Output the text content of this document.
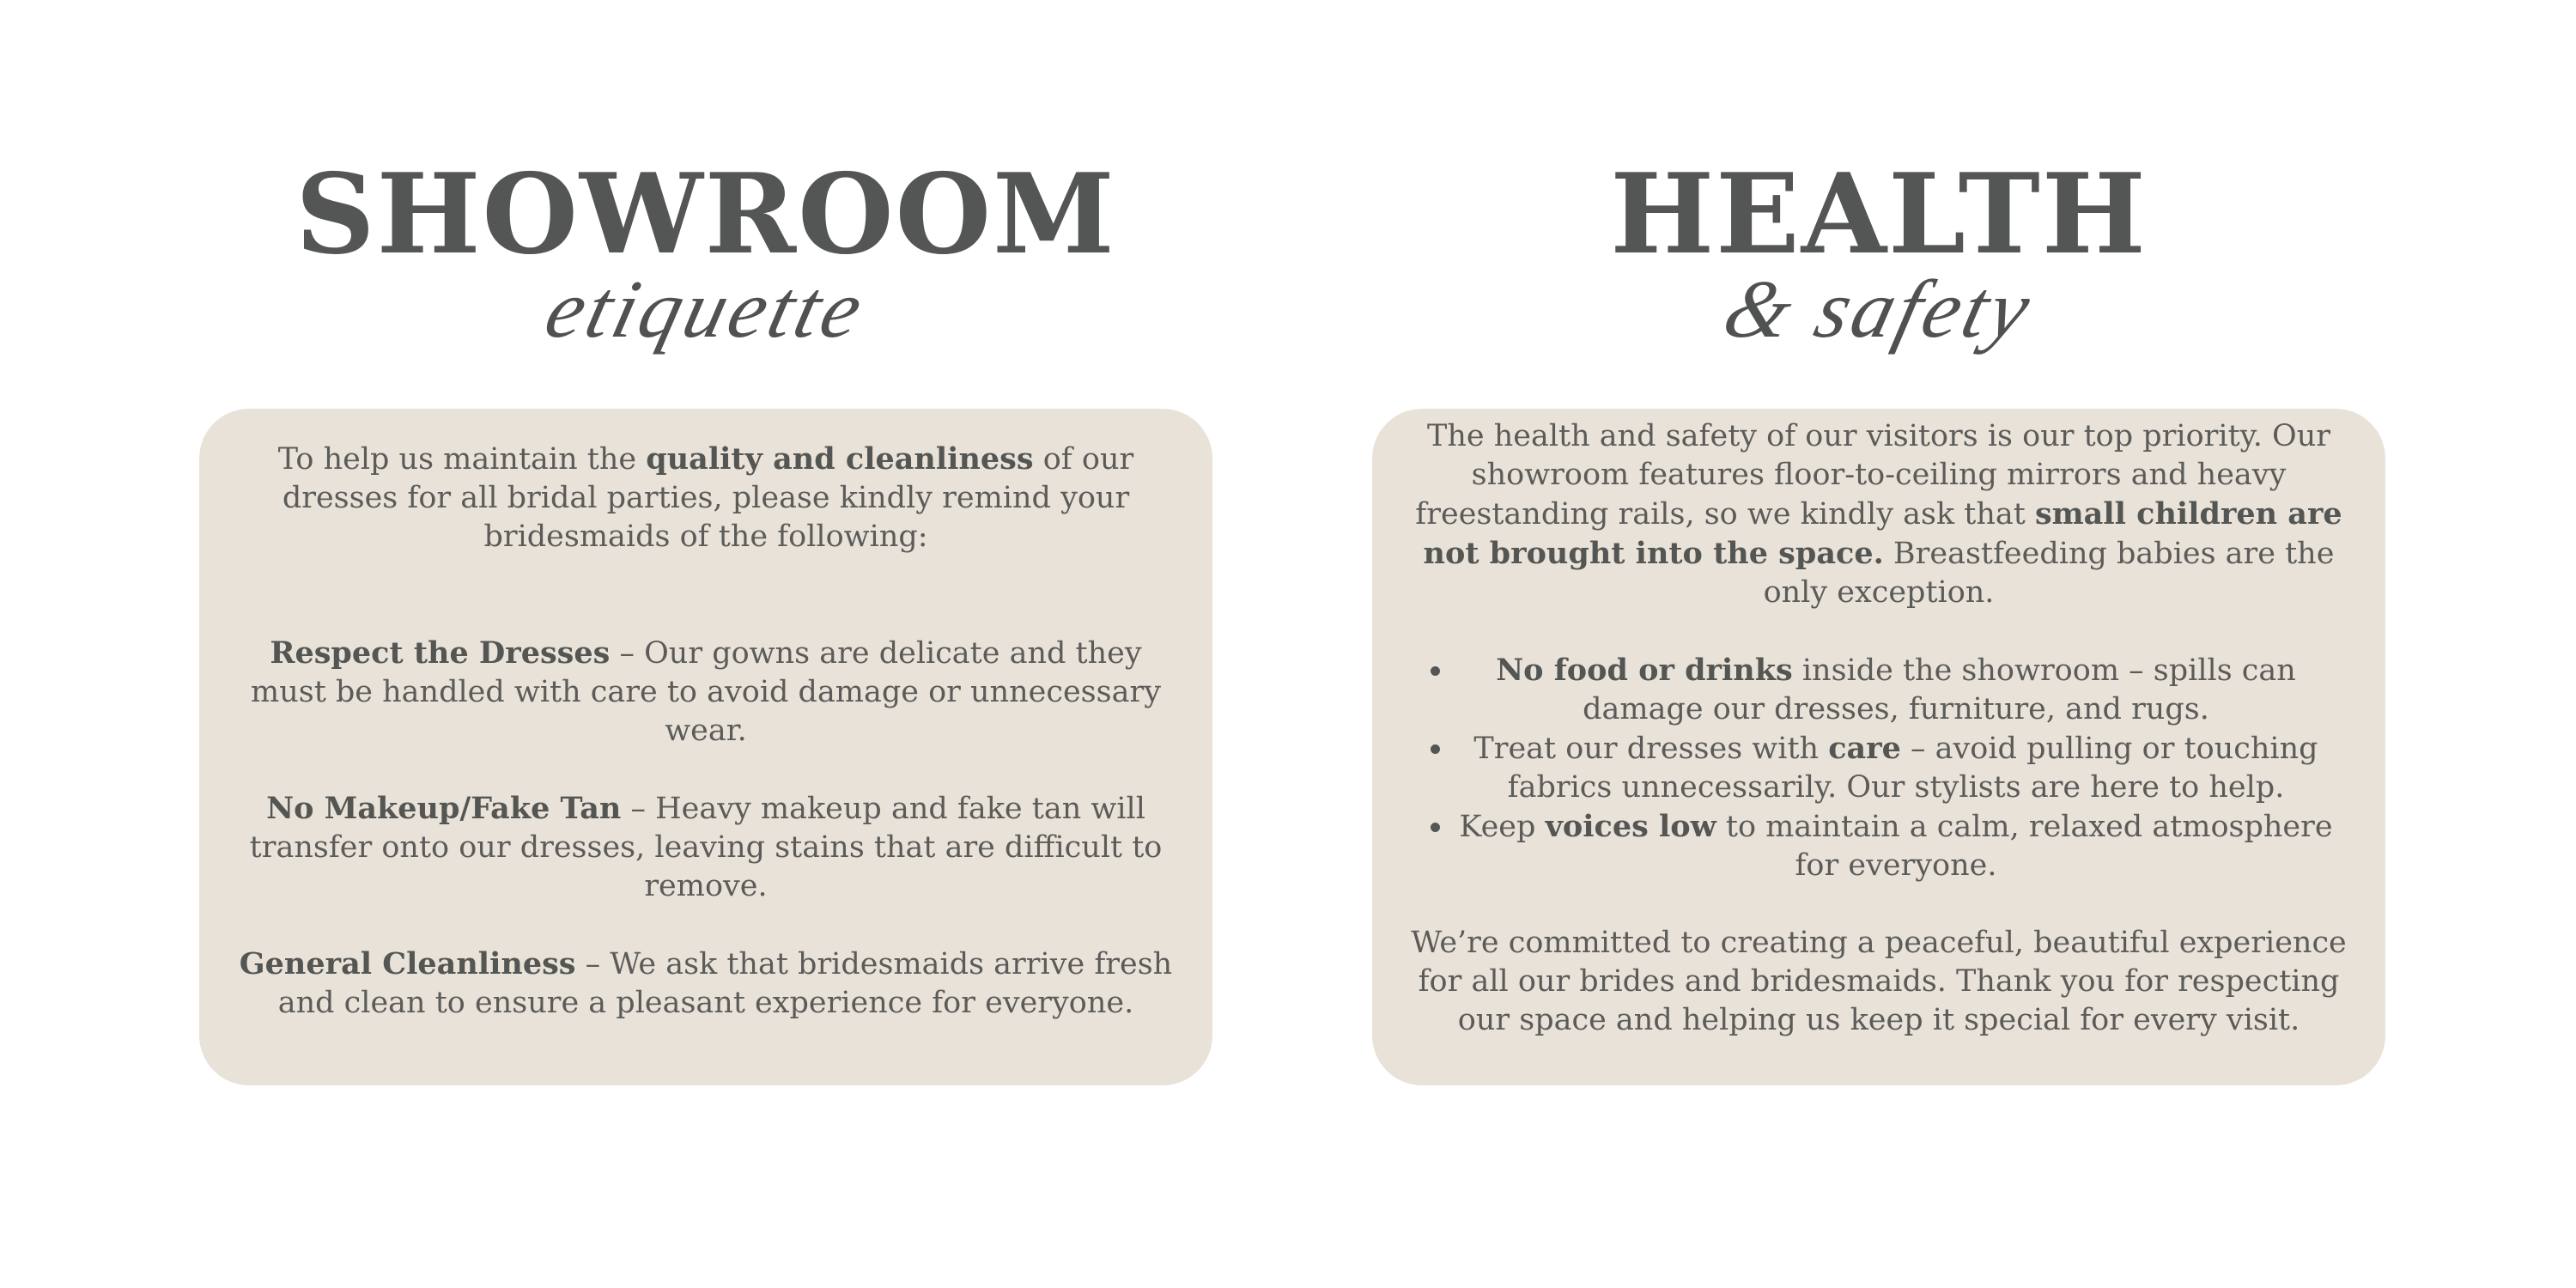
SHOWROOM
etiquette

To help us maintain the quality and cleanliness of our dresses for all bridal parties, please kindly remind your bridesmaids of the following:

Respect the Dresses – Our gowns are delicate and they must be handled with care to avoid damage or unnecessary wear.

No Makeup/Fake Tan – Heavy makeup and fake tan will transfer onto our dresses, leaving stains that are difficult to remove.

General Cleanliness – We ask that bridesmaids arrive fresh and clean to ensure a pleasant experience for everyone.

HEALTH
& safety

The health and safety of our visitors is our top priority. Our showroom features floor-to-ceiling mirrors and heavy freestanding rails, so we kindly ask that small children are not brought into the space. Breastfeeding babies are the only exception.

No food or drinks inside the showroom – spills can damage our dresses, furniture, and rugs.
Treat our dresses with care – avoid pulling or touching fabrics unnecessarily. Our stylists are here to help.
Keep voices low to maintain a calm, relaxed atmosphere for everyone.

We’re committed to creating a peaceful, beautiful experience for all our brides and bridesmaids. Thank you for respecting our space and helping us keep it special for every visit.
